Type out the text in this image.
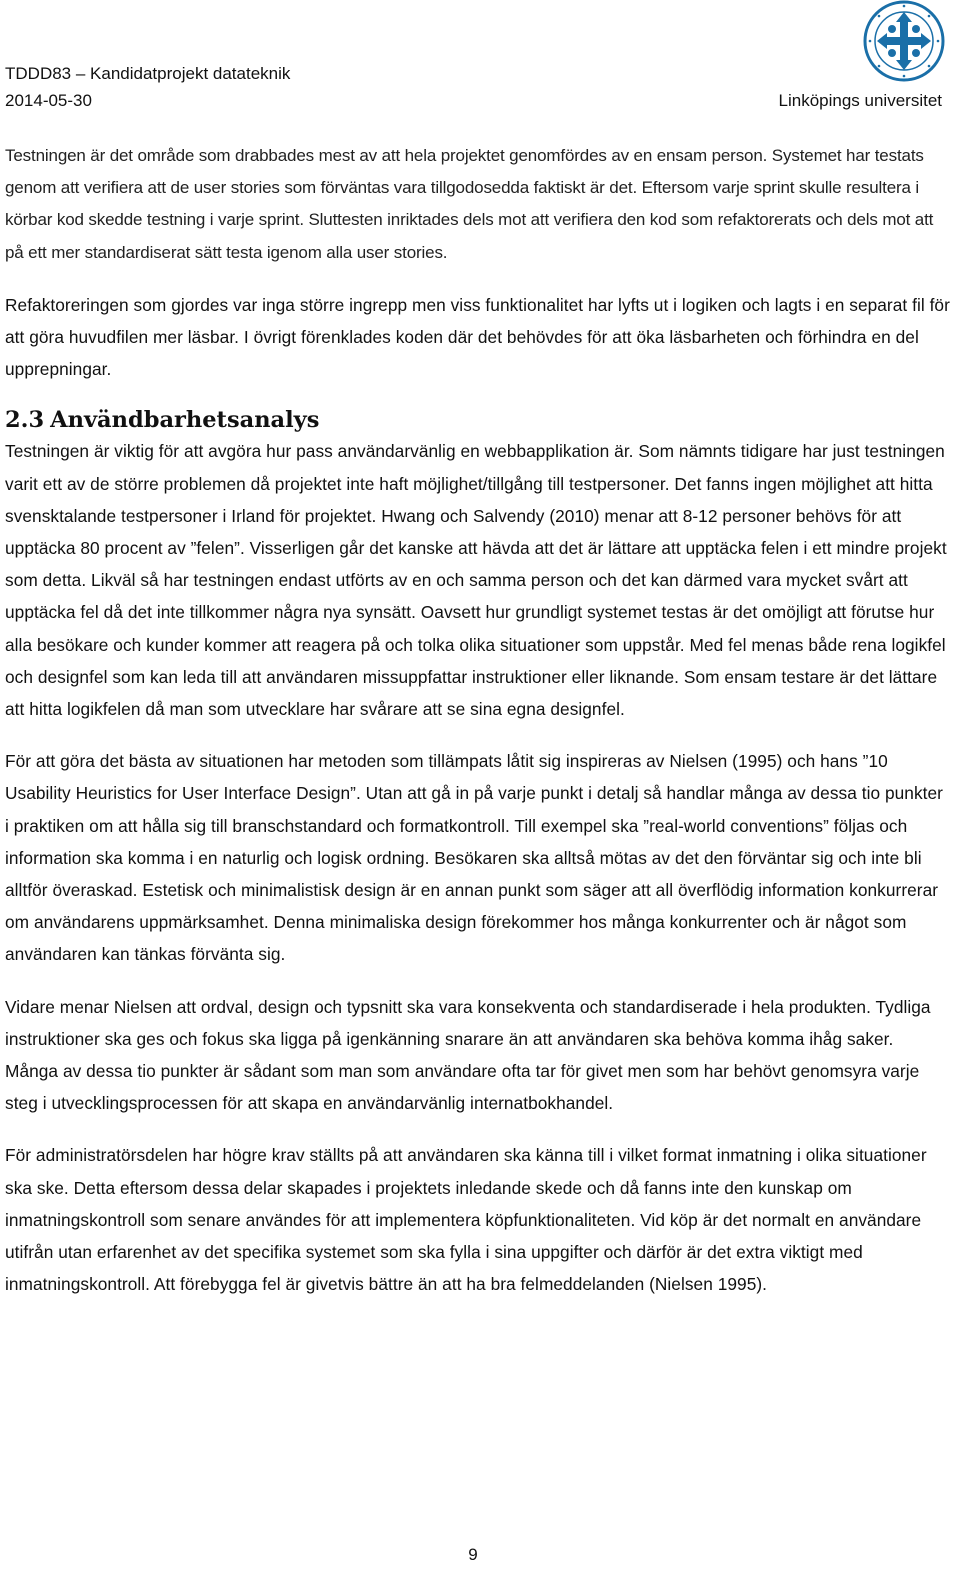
TDDD83 – Kandidatprojekt datateknik
2014-05-30	Linköpings universitet

Testningen är det område som drabbades mest av att hela projektet genomfördes av en ensam person. Systemet har testats genom att verifiera att de user stories som förväntas vara tillgodosedda faktiskt är det. Eftersom varje sprint skulle resultera i körbar kod skedde testning i varje sprint. Sluttesten inriktades dels mot att verifiera den kod som refaktorerats och dels mot att på ett mer standardiserat sätt testa igenom alla user stories.

Refaktoreringen som gjordes var inga större ingrepp men viss funktionalitet har lyfts ut i logiken och lagts i en separat fil för att göra huvudfilen mer läsbar. I övrigt förenklades koden där det behövdes för att öka läsbarheten och förhindra en del upprepningar.

2.3 Användbarhetsanalys

Testningen är viktig för att avgöra hur pass användarvänlig en webbapplikation är. Som nämnts tidigare har just testningen varit ett av de större problemen då projektet inte haft möjlighet/tillgång till testpersoner. Det fanns ingen möjlighet att hitta svensktalande testpersoner i Irland för projektet. Hwang och Salvendy (2010) menar att 8-12 personer behövs för att upptäcka 80 procent av ”felen”. Visserligen går det kanske att hävda att det är lättare att upptäcka felen i ett mindre projekt som detta. Likväl så har testningen endast utförts av en och samma person och det kan därmed vara mycket svårt att upptäcka fel då det inte tillkommer några nya synsätt. Oavsett hur grundligt systemet testas är det omöjligt att förutse hur alla besökare och kunder kommer att reagera på och tolka olika situationer som uppstår. Med fel menas både rena logikfel och designfel som kan leda till att användaren missuppfattar instruktioner eller liknande. Som ensam testare är det lättare att hitta logikfelen då man som utvecklare har svårare att se sina egna designfel.

För att göra det bästa av situationen har metoden som tillämpats låtit sig inspireras av Nielsen (1995) och hans ”10 Usability Heuristics for User Interface Design”. Utan att gå in på varje punkt i detalj så handlar många av dessa tio punkter i praktiken om att hålla sig till branschstandard och formatkontroll. Till exempel ska ”real-world conventions” följas och information ska komma i en naturlig och logisk ordning. Besökaren ska alltså mötas av det den förväntar sig och inte bli alltför överaskad. Estetisk och minimalistisk design är en annan punkt som säger att all överflödig information konkurrerar om användarens uppmärksamhet. Denna minimaliska design förekommer hos många konkurrenter och är något som användaren kan tänkas förvänta sig.

Vidare menar Nielsen att ordval, design och typsnitt ska vara konsekventa och standardiserade i hela produkten. Tydliga instruktioner ska ges och fokus ska ligga på igenkänning snarare än att användaren ska behöva komma ihåg saker. Många av dessa tio punkter är sådant som man som användare ofta tar för givet men som har behövt genomsyra varje steg i utvecklingsprocessen för att skapa en användarvänlig internatbokhandel.

För administratörsdelen har högre krav ställts på att användaren ska känna till i vilket format inmatning i olika situationer ska ske. Detta eftersom dessa delar skapades i projektets inledande skede och då fanns inte den kunskap om inmatningskontroll som senare användes för att implementera köpfunktionaliteten. Vid köp är det normalt en användare utifrån utan erfarenhet av det specifika systemet som ska fylla i sina uppgifter och därför är det extra viktigt med inmatningskontroll. Att förebygga fel är givetvis bättre än att ha bra felmeddelanden (Nielsen 1995).

9
